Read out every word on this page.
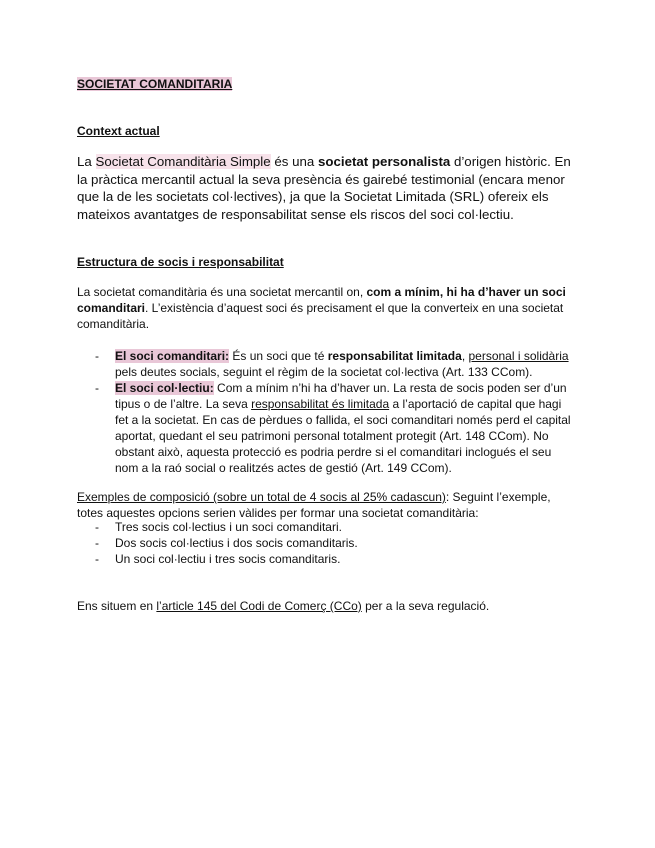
SOCIETAT COMANDITARIA
Context actual

La Societat Comanditària Simple és una societat personalista d’origen històric. En la pràctica mercantil actual la seva presència és gairebé testimonial (encara menor que la de les societats col·lectives), ja que la Societat Limitada (SRL) ofereix els mateixos avantatges de responsabilitat sense els riscos del soci col·lectiu.

Estructura de socis i responsabilitat

La societat comanditària és una societat mercantil on, com a mínim, hi ha d’haver un soci comanditari. L’existència d’aquest soci és precisament el que la converteix en una societat comanditària.

- El soci comanditari: És un soci que té responsabilitat limitada, personal i solidària pels deutes socials, seguint el règim de la societat col·lectiva (Art. 133 CCom).

- El soci col·lectiu: Com a mínim n’hi ha d’haver un. La resta de socis poden ser d’un tipus o de l’altre. La seva responsabilitat és limitada a l’aportació de capital que hagi fet a la societat. En cas de pèrdues o fallida, el soci comanditari només perd el capital aportat, quedant el seu patrimoni personal totalment protegit (Art. 148 CCom). No obstant això, aquesta protecció es podria perdre si el comanditari inclogués el seu nom a la raó social o realitzés actes de gestió (Art. 149 CCom).

Exemples de composició (sobre un total de 4 socis al 25% cadascun): Seguint l’exemple, totes aquestes opcions serien vàlides per formar una societat comanditària:

- Tres socis col·lectius i un soci comanditari.
- Dos socis col·lectius i dos socis comanditaris.
- Un soci col·lectiu i tres socis comanditaris.

Ens situem en l’article 145 del Codi de Comerç (CCo) per a la seva regulació.
